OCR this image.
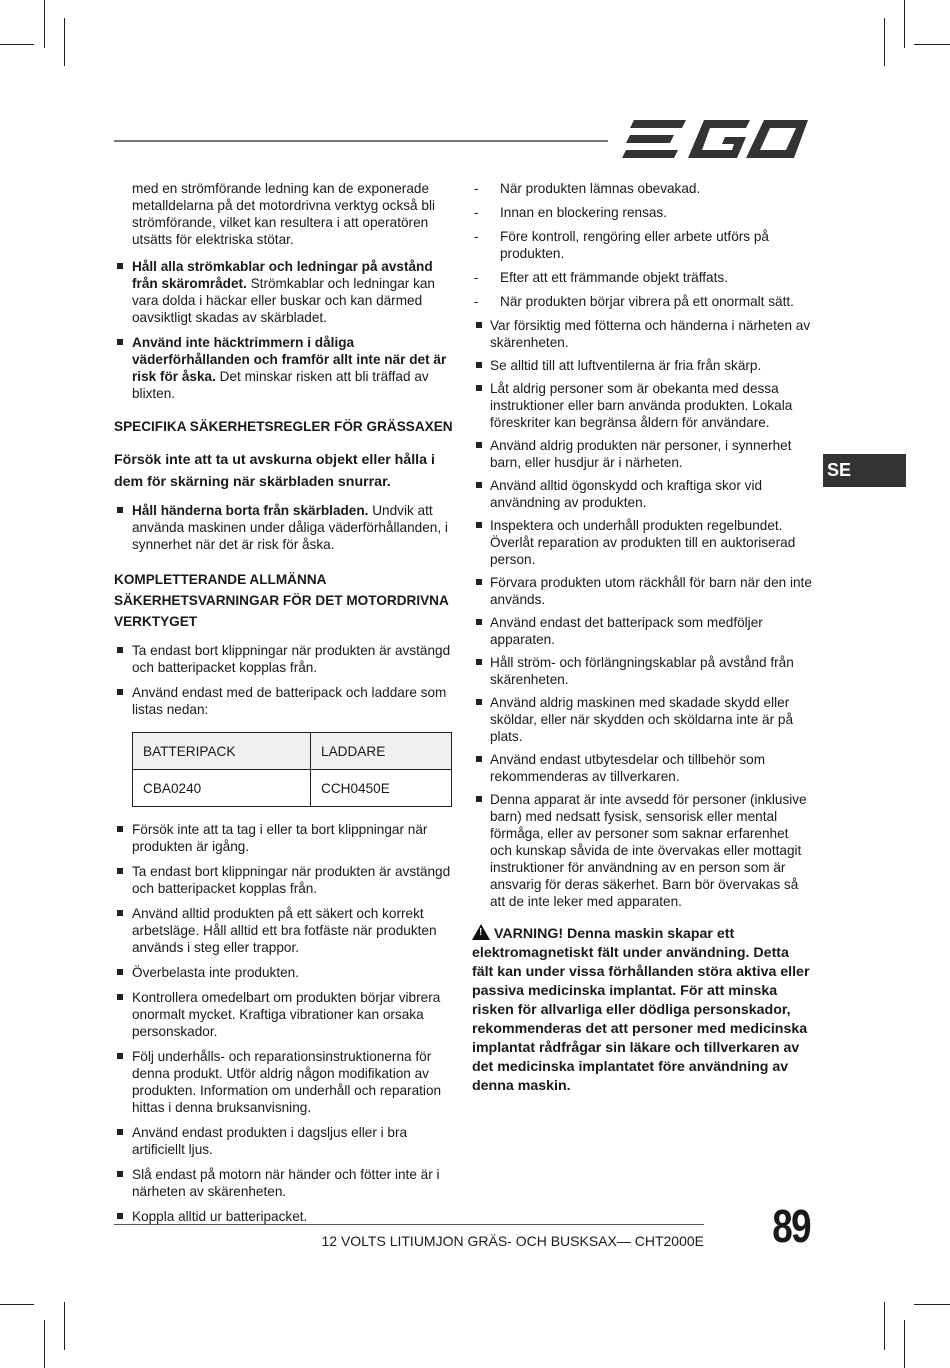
SE

med en strömförande ledning kan de exponerade metalldelarna på det motordrivna verktyg också bli strömförande, vilket kan resultera i att operatören utsätts för elektriska stötar.

Håll alla strömkablar och ledningar på avstånd från skärområdet. Strömkablar och ledningar kan vara dolda i häckar eller buskar och kan därmed oavsiktligt skadas av skärbladet.

Använd inte häcktrimmern i dåliga väderförhållanden och framför allt inte när det är risk för åska. Det minskar risken att bli träffad av blixten.

SPECIFIKA SÄKERHETSREGLER FÖR GRÄSSAXEN

Försök inte att ta ut avskurna objekt eller hålla i dem för skärning när skärbladen snurrar.

Håll händerna borta från skärbladen. Undvik att använda maskinen under dåliga väderförhållanden, i synnerhet när det är risk för åska.

KOMPLETTERANDE ALLMÄNNA SÄKERHETSVARNINGAR FÖR DET MOTORDRIVNA VERKTYGET

Ta endast bort klippningar när produkten är avstängd och batteripacket kopplas från.

Använd endast med de batteripack och laddare som listas nedan:

BATTERIPACK	LADDARE
CBA0240	CCH0450E

Försök inte att ta tag i eller ta bort klippningar när produkten är igång.

Ta endast bort klippningar när produkten är avstängd och batteripacket kopplas från.

Använd alltid produkten på ett säkert och korrekt arbetsläge. Håll alltid ett bra fotfäste när produkten används i steg eller trappor.

Överbelasta inte produkten.

Kontrollera omedelbart om produkten börjar vibrera onormalt mycket. Kraftiga vibrationer kan orsaka personskador.

Följ underhålls- och reparationsinstruktionerna för denna produkt. Utför aldrig någon modifikation av produkten. Information om underhåll och reparation hittas i denna bruksanvisning.

Använd endast produkten i dagsljus eller i bra artificiellt ljus.

Slå endast på motorn när händer och fötter inte är i närheten av skärenheten.

Koppla alltid ur batteripacket.

- När produkten lämnas obevakad.

- Innan en blockering rensas.

- Före kontroll, rengöring eller arbete utförs på produkten.

- Efter att ett främmande objekt träffats.

- När produkten börjar vibrera på ett onormalt sätt.

Var försiktig med fötterna och händerna i närheten av skärenheten.

Se alltid till att luftventilerna är fria från skärp.

Låt aldrig personer som är obekanta med dessa instruktioner eller barn använda produkten. Lokala föreskriter kan begränsa åldern för användare.

Använd aldrig produkten när personer, i synnerhet barn, eller husdjur är i närheten.

Använd alltid ögonskydd och kraftiga skor vid användning av produkten.

Inspektera och underhåll produkten regelbundet. Överlåt reparation av produkten till en auktoriserad person.

Förvara produkten utom räckhåll för barn när den inte används.

Använd endast det batteripack som medföljer apparaten.

Håll ström- och förlängningskablar på avstånd från skärenheten.

Använd aldrig maskinen med skadade skydd eller sköldar, eller när skydden och sköldarna inte är på plats.

Använd endast utbytesdelar och tillbehör som rekommenderas av tillverkaren.

Denna apparat är inte avsedd för personer (inklusive barn) med nedsatt fysisk, sensorisk eller mental förmåga, eller av personer som saknar erfarenhet och kunskap såvida de inte övervakas eller mottagit instruktioner för användning av en person som är ansvarig för deras säkerhet. Barn bör övervakas så att de inte leker med apparaten.

!VARNING! Denna maskin skapar ett elektromagnetiskt fält under användning. Detta fält kan under vissa förhållanden störa aktiva eller passiva medicinska implantat. För att minska risken för allvarliga eller dödliga personskador, rekommenderas det att personer med medicinska implantat rådfrågar sin läkare och tillverkaren av det medicinska implantatet före användning av denna maskin.

12 VOLTS LITIUMJON GRÄS- OCH BUSKSAX— CHT2000E 89
